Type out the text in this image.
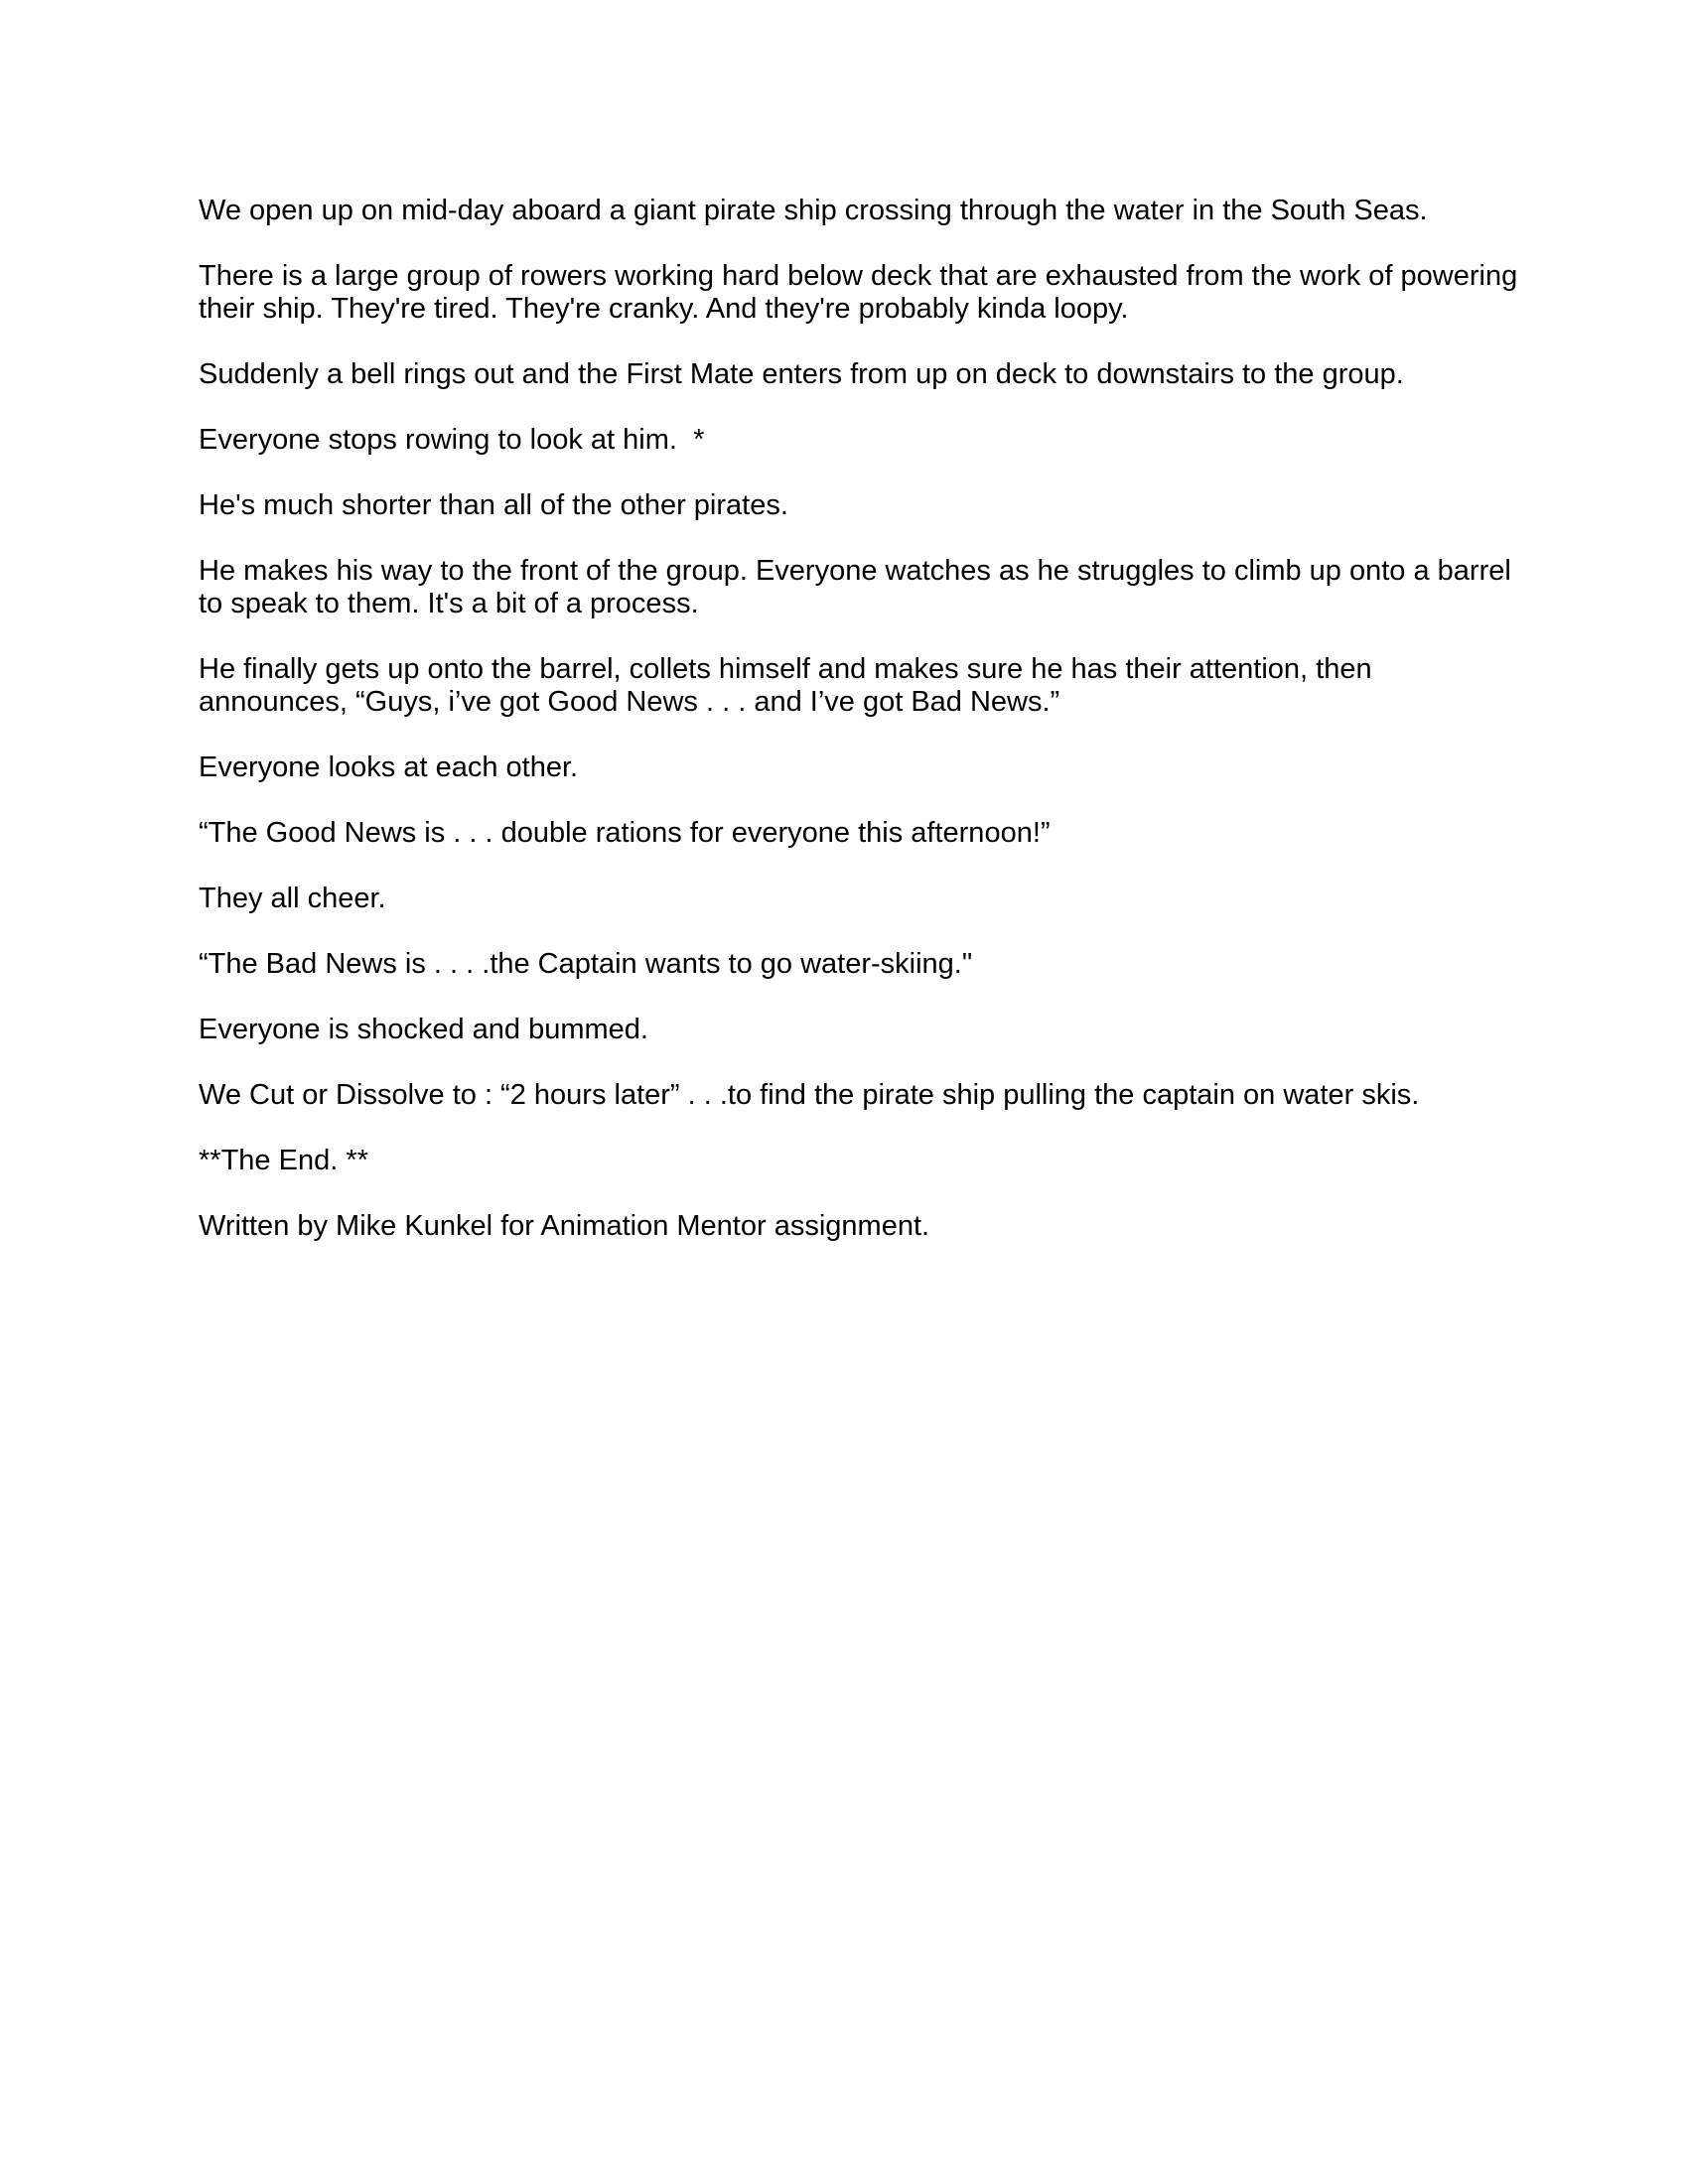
We open up on mid-day aboard a giant pirate ship crossing through the water in the South Seas.

There is a large group of rowers working hard below deck that are exhausted from the work of powering their ship. They're tired. They're cranky. And they're probably kinda loopy.

Suddenly a bell rings out and the First Mate enters from up on deck to downstairs to the group.

Everyone stops rowing to look at him.  *

He's much shorter than all of the other pirates.

He makes his way to the front of the group. Everyone watches as he struggles to climb up onto a barrel to speak to them. It's a bit of a process.

He finally gets up onto the barrel, collets himself and makes sure he has their attention, then announces, “Guys, i’ve got Good News . . . and I’ve got Bad News.”

Everyone looks at each other.

“The Good News is . . . double rations for everyone this afternoon!”

They all cheer.

“The Bad News is . . . .the Captain wants to go water-skiing."

Everyone is shocked and bummed.

We Cut or Dissolve to : “2 hours later” . . .to find the pirate ship pulling the captain on water skis.

**The End. **

Written by Mike Kunkel for Animation Mentor assignment.
